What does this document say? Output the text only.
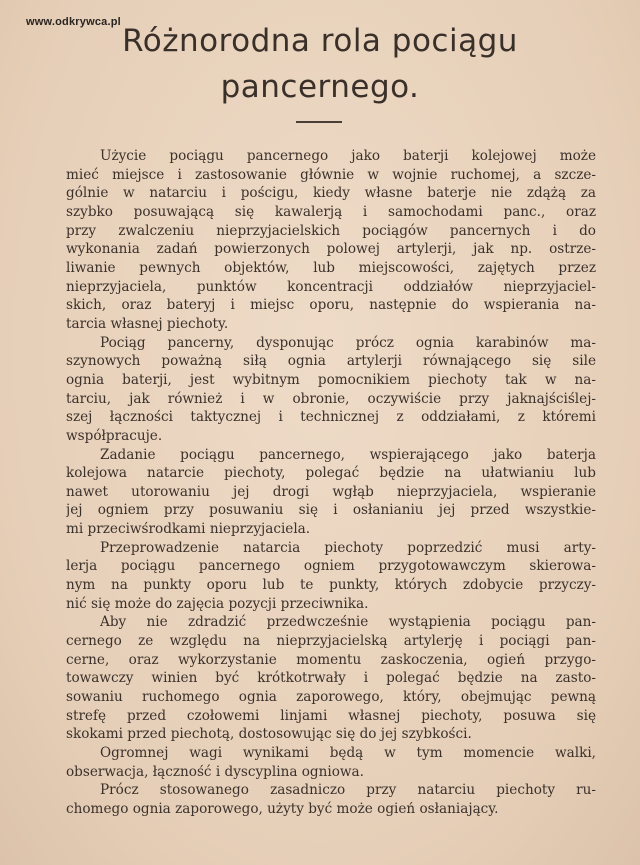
www.odkrywca.pl
Różnorodna rola pociągu
pancernego.
Użycie pociągu pancernego jako baterji kolejowej może
mieć miejsce i zastosowanie głównie w wojnie ruchomej, a szcze-
gólnie w natarciu i pościgu, kiedy własne baterje nie zdążą za
szybko posuwającą się kawalerją i samochodami panc., oraz
przy zwalczeniu nieprzyjacielskich pociągów pancernych i do
wykonania zadań powierzonych polowej artylerji, jak np. ostrze-
liwanie pewnych objektów, lub miejscowości, zajętych przez
nieprzyjaciela, punktów koncentracji oddziałów nieprzyjaciel-
skich, oraz bateryj i miejsc oporu, następnie do wspierania na-
tarcia własnej piechoty.
Pociąg pancerny, dysponując prócz ognia karabinów ma-
szynowych poważną siłą ognia artylerji równającego się sile
ognia baterji, jest wybitnym pomocnikiem piechoty tak w na-
tarciu, jak również i w obronie, oczywiście przy jaknajściślej-
szej łączności taktycznej i technicznej z oddziałami, z któremi
współpracuje.
Zadanie pociągu pancernego, wspierającego jako baterja
kolejowa natarcie piechoty, polegać będzie na ułatwianiu lub
nawet utorowaniu jej drogi wgłąb nieprzyjaciela, wspieranie
jej ogniem przy posuwaniu się i osłanianiu jej przed wszystkie-
mi przeciwśrodkami nieprzyjaciela.
Przeprowadzenie natarcia piechoty poprzedzić musi arty-
lerja pociągu pancernego ogniem przygotowawczym skierowa-
nym na punkty oporu lub te punkty, których zdobycie przyczy-
nić się może do zajęcia pozycji przeciwnika.
Aby nie zdradzić przedwcześnie wystąpienia pociągu pan-
cernego ze względu na nieprzyjacielską artylerję i pociągi pan-
cerne, oraz wykorzystanie momentu zaskoczenia, ogień przygo-
towawczy winien być krótkotrwały i polegać będzie na zasto-
sowaniu ruchomego ognia zaporowego, który, obejmując pewną
strefę przed czołowemi linjami własnej piechoty, posuwa się
skokami przed piechotą, dostosowując się do jej szybkości.
Ogromnej wagi wynikami będą w tym momencie walki,
obserwacja, łączność i dyscyplina ogniowa.
Prócz stosowanego zasadniczo przy natarciu piechoty ru-
chomego ognia zaporowego, użyty być może ogień osłaniający.
